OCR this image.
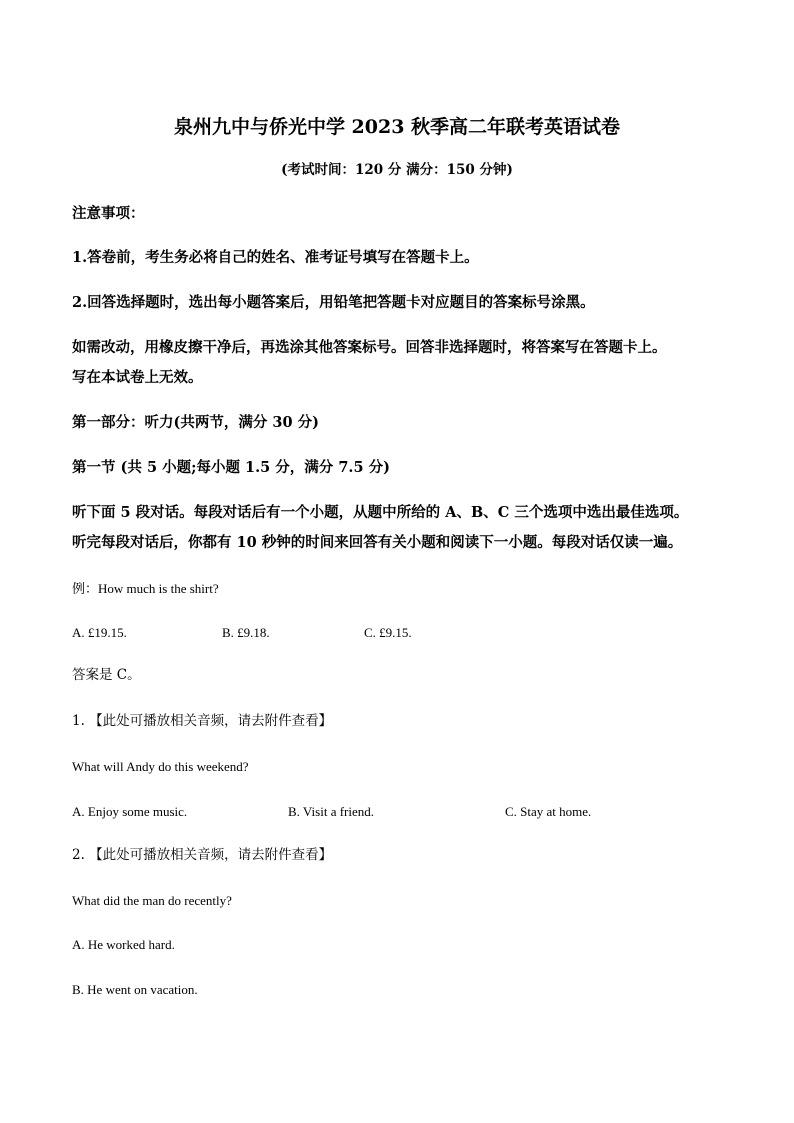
泉州九中与侨光中学 2023 秋季高二年联考英语试卷
(考试时间：120 分 满分：150 分钟)
注意事项：
1.答卷前，考生务必将自己的姓名、准考证号填写在答题卡上。
2.回答选择题时，选出每小题答案后，用铅笔把答题卡对应题目的答案标号涂黑。
如需改动，用橡皮擦干净后，再选涂其他答案标号。回答非选择题时，将答案写在答题卡上。
写在本试卷上无效。
第一部分：听力(共两节，满分 30 分)
第一节 (共 5 小题;每小题 1.5 分，满分 7.5 分)
听下面 5 段对话。每段对话后有一个小题，从题中所给的 A、B、C 三个选项中选出最佳选项。
听完每段对话后，你都有 10 秒钟的时间来回答有关小题和阅读下一小题。每段对话仅读一遍。
例：How much is the shirt?
A. £19.15.	B. £9.18.	C. £9.15.
答案是 C。
1. 【此处可播放相关音频，请去附件查看】
What will Andy do this weekend?
A. Enjoy some music.	B. Visit a friend.	C. Stay at home.
2. 【此处可播放相关音频，请去附件查看】
What did the man do recently?
A. He worked hard.
B. He went on vacation.
